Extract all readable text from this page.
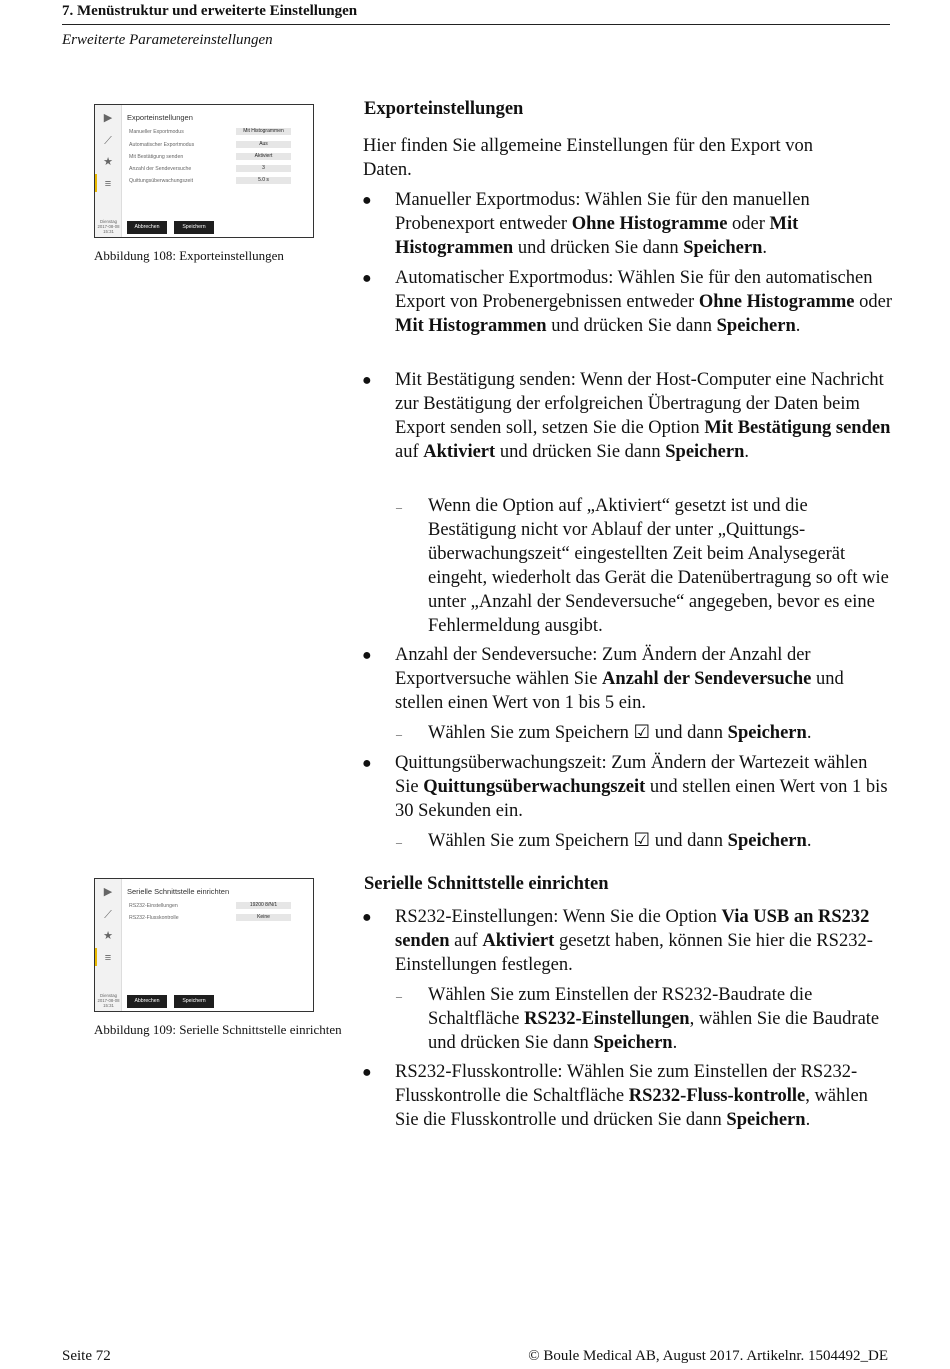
7. Menüstruktur und erweiterte Einstellungen
Erweiterte Parametereinstellungen
▶
⟋
★
≡
Dienstag
2017-08-08
15:31
Exporteinstellungen
Manueller Exportmodus	Mit Histogrammen
Automatischer Exportmodus	Aus
Mit Bestätigung senden	Aktiviert
Anzahl der Sendeversuche	3
Quittungsüberwachungszeit	5.0 s
Abbrechen	Speichern
Abbildung 108: Exporteinstellungen
Exporteinstellungen
Hier finden Sie allgemeine Einstellungen für den Export von Daten.
● Manueller Exportmodus: Wählen Sie für den manuellen Probenexport entweder Ohne Histogramme oder Mit Histogrammen und drücken Sie dann Speichern.
● Automatischer Exportmodus: Wählen Sie für den automatischen Export von Probenergebnissen entweder Ohne Histogramme oder Mit Histogrammen und drücken Sie dann Speichern.
● Mit Bestätigung senden: Wenn der Host-Computer eine Nachricht zur Bestätigung der erfolgreichen Übertragung der Daten beim Export senden soll, setzen Sie die Option Mit Bestätigung senden auf Aktiviert und drücken Sie dann Speichern.
– Wenn die Option auf „Aktiviert“ gesetzt ist und die Bestätigung nicht vor Ablauf der unter „Quittungs-überwachungszeit“ eingestellten Zeit beim Analysegerät eingeht, wiederholt das Gerät die Datenübertragung so oft wie unter „Anzahl der Sendeversuche“ angegeben, bevor es eine Fehlermeldung ausgibt.
● Anzahl der Sendeversuche: Zum Ändern der Anzahl der Exportversuche wählen Sie Anzahl der Sendeversuche und stellen einen Wert von 1 bis 5 ein.
– Wählen Sie zum Speichern ☑ und dann Speichern.
● Quittungsüberwachungszeit: Zum Ändern der Wartezeit wählen Sie Quittungsüberwachungszeit und stellen einen Wert von 1 bis 30 Sekunden ein.
– Wählen Sie zum Speichern ☑ und dann Speichern.
▶
⟋
★
≡
Dienstag
2017-08-08
15:31
Serielle Schnittstelle einrichten
RS232-Einstellungen	19200 8/N/1
RS232-Flusskontrolle	Keine
Abbrechen	Speichern
Abbildung 109: Serielle Schnittstelle einrichten
Serielle Schnittstelle einrichten
● RS232-Einstellungen: Wenn Sie die Option Via USB an RS232 senden auf Aktiviert gesetzt haben, können Sie hier die RS232-Einstellungen festlegen.
– Wählen Sie zum Einstellen der RS232-Baudrate die Schaltfläche RS232-Einstellungen, wählen Sie die Baudrate und drücken Sie dann Speichern.
● RS232-Flusskontrolle: Wählen Sie zum Einstellen der RS232-Flusskontrolle die Schaltfläche RS232-Fluss-kontrolle, wählen Sie die Flusskontrolle und drücken Sie dann Speichern.
Seite 72	© Boule Medical AB, August 2017. Artikelnr. 1504492_DE
